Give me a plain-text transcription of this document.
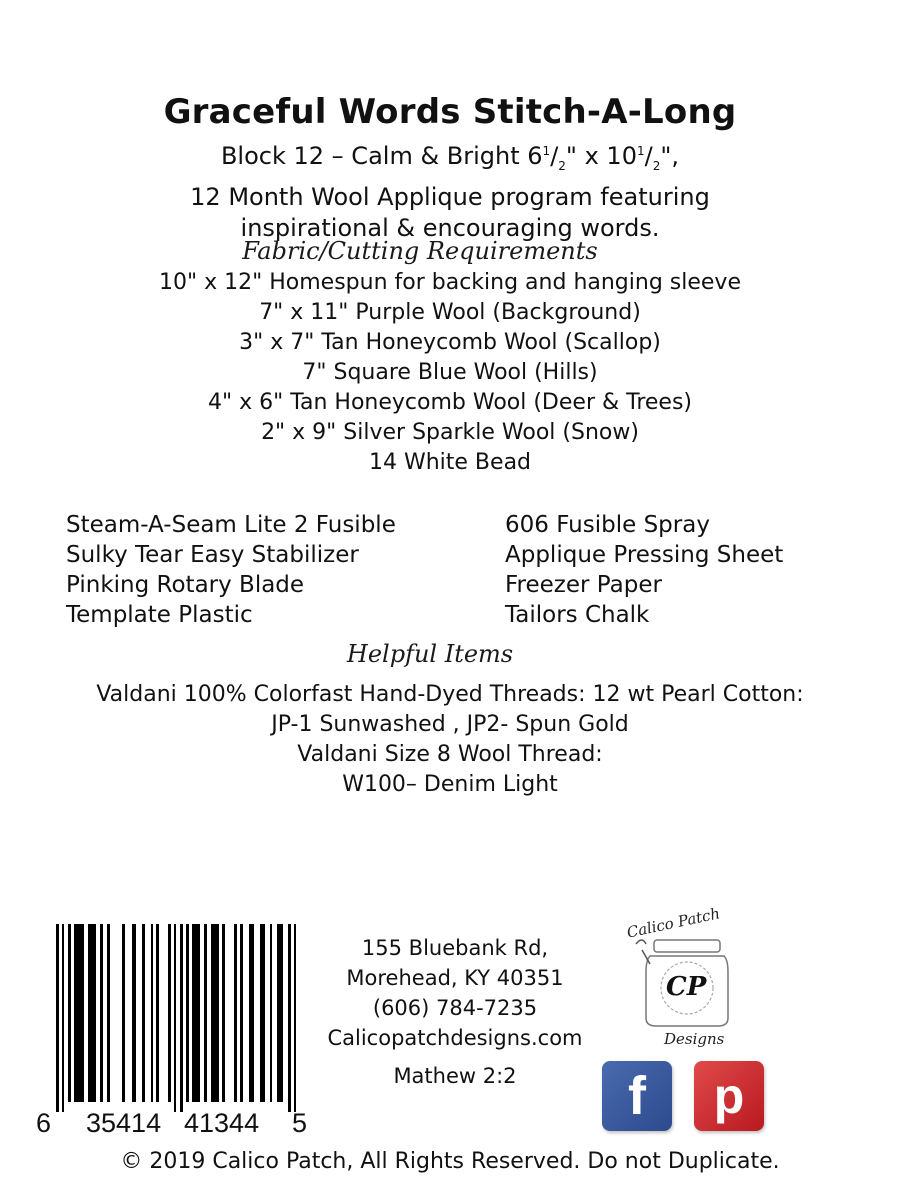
Graceful Words Stitch-A-Long
Block 12 – Calm & Bright $6^1/_2$" x $10^1/_2$",
12 Month Wool Applique program featuring
inspirational & encouraging words.
Fabric/Cutting Requirements
10" x 12" Homespun for backing and hanging sleeve
7" x 11" Purple Wool (Background)
3" x 7" Tan Honeycomb Wool (Scallop)
7" Square Blue Wool (Hills)
4" x 6" Tan Honeycomb Wool (Deer & Trees)
2" x 9" Silver Sparkle Wool (Snow)
14 White Bead
Steam-A-Seam Lite 2 Fusible
Sulky Tear Easy Stabilizer
Pinking Rotary Blade
Template Plastic
606 Fusible Spray
Applique Pressing Sheet
Freezer Paper
Tailors Chalk
Helpful Items
Valdani 100% Colorfast Hand-Dyed Threads: 12 wt Pearl Cotton:
JP-1 Sunwashed , JP2- Spun Gold
Valdani Size 8 Wool Thread:
W100– Denim Light
6 35414 41344 5
155 Bluebank Rd,
Morehead, KY 40351
(606) 784-7235
Calicopatchdesigns.com
Mathew 2:2
Calico Patch
CP
Designs
f p
© 2019 Calico Patch, All Rights Reserved. Do not Duplicate.
